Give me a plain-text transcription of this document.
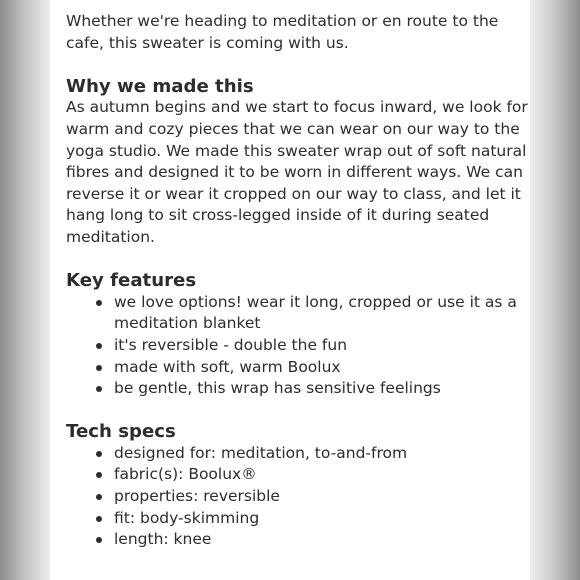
Whether we're heading to meditation or en route to the cafe, this sweater is coming with us.

Why we made this

As autumn begins and we start to focus inward, we look for warm and cozy pieces that we can wear on our way to the yoga studio. We made this sweater wrap out of soft natural fibres and designed it to be worn in different ways. We can reverse it or wear it cropped on our way to class, and let it hang long to sit cross-legged inside of it during seated meditation.

Key features
we love options! wear it long, cropped or use it as a meditation blanket
it's reversible - double the fun
made with soft, warm Boolux
be gentle, this wrap has sensitive feelings
Tech specs
designed for: meditation, to-and-from
fabric(s): Boolux®
properties: reversible
fit: body-skimming
length: knee
